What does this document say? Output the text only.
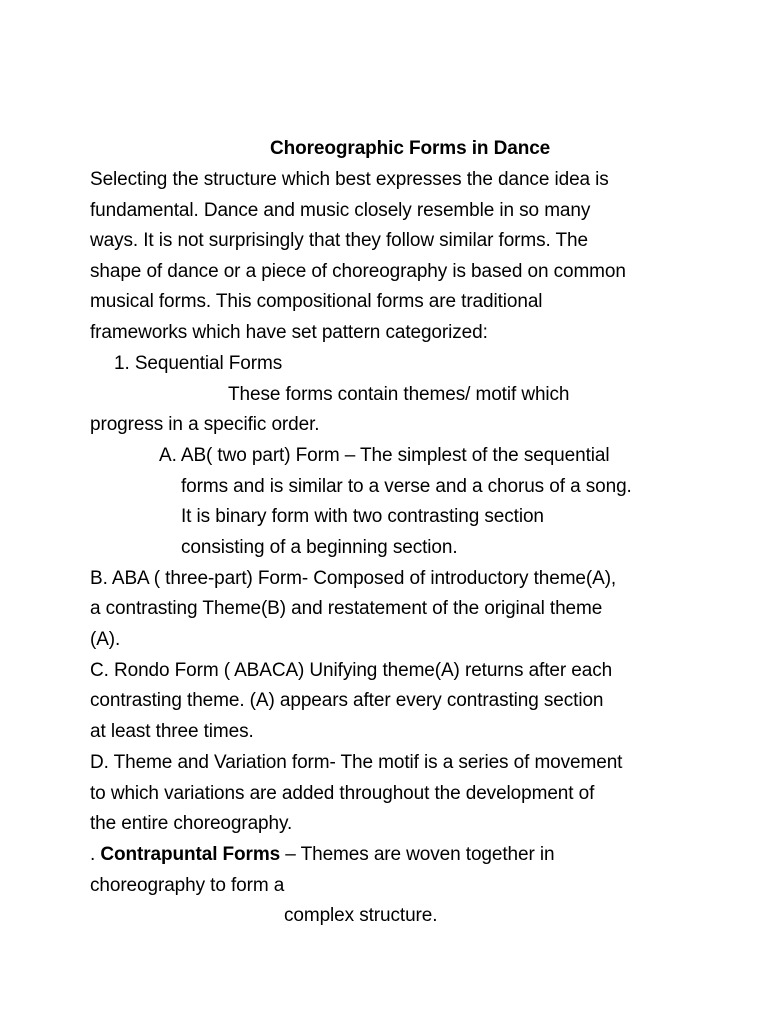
Choreographic Forms in Dance
Selecting the structure which best expresses the dance idea is
fundamental. Dance and music closely resemble in so many
ways. It is not surprisingly that they follow similar forms. The
shape of dance or a piece of choreography is based on common
musical forms. This compositional forms are traditional
frameworks which have set pattern categorized:
1. Sequential Forms
These forms contain themes/ motif which
progress in a specific order.
A. AB( two part) Form – The simplest of the sequential
forms and is similar to a verse and a chorus of a song.
It is binary form with two contrasting section
consisting of a beginning section.
B. ABA ( three-part) Form- Composed of introductory theme(A),
a contrasting Theme(B) and restatement of the original theme
(A).
C. Rondo Form ( ABACA) Unifying theme(A) returns after each
contrasting theme. (A) appears after every contrasting section
at least three times.
D. Theme and Variation form- The motif is a series of movement
to which variations are added throughout the development of
the entire choreography.
. Contrapuntal Forms – Themes are woven together in
choreography to form a
complex structure.
